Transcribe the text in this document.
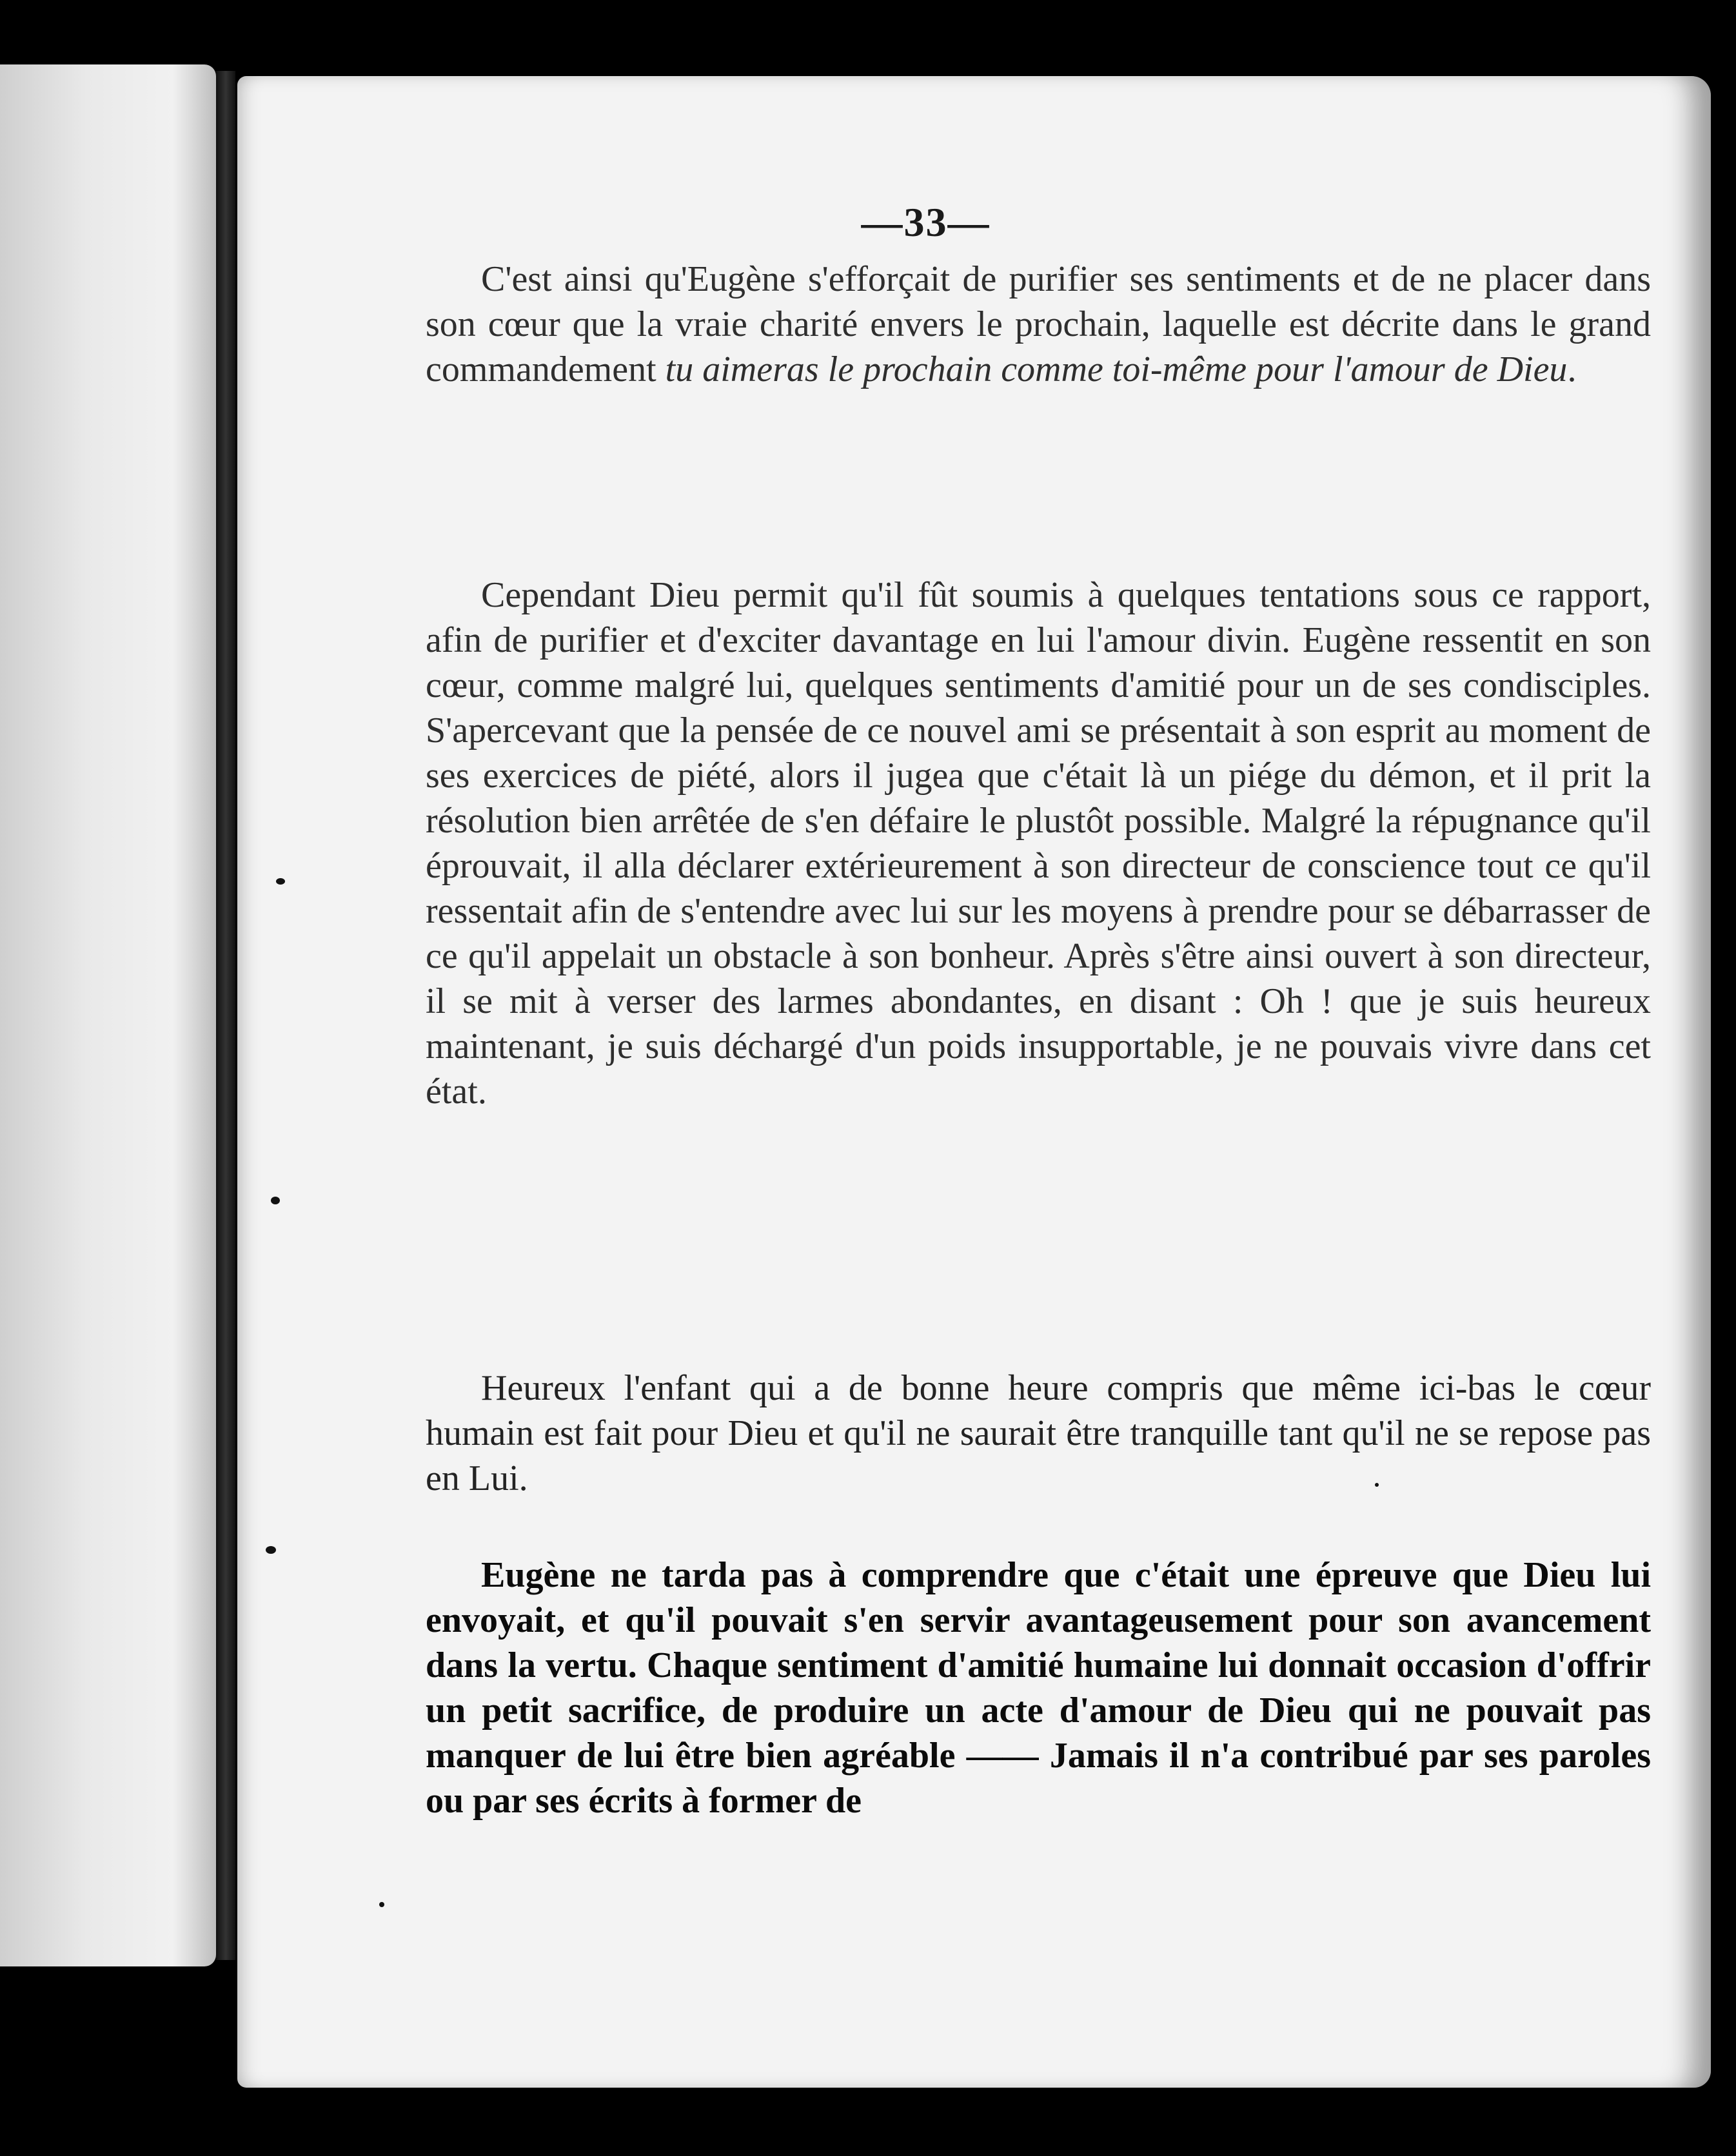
—33—

C'est ainsi qu'Eugène s'efforçait de purifier ses sentiments et de ne placer dans son cœur que la vraie charité envers le prochain, laquelle est décrite dans le grand commandement tu aimeras le prochain comme toi-même pour l'amour de Dieu.

Cependant Dieu permit qu'il fût soumis à quelques tentations sous ce rapport, afin de purifier et d'exciter davantage en lui l'amour divin. Eugène ressentit en son cœur, comme malgré lui, quelques sentiments d'amitié pour un de ses condisciples. S'apercevant que la pensée de ce nouvel ami se présentait à son esprit au moment de ses exercices de piété, alors il jugea que c'était là un piége du démon, et il prit la résolution bien arrêtée de s'en défaire le plustôt possible. Malgré la répugnance qu'il éprouvait, il alla déclarer extérieurement à son directeur de conscience tout ce qu'il ressentait afin de s'entendre avec lui sur les moyens à prendre pour se débarrasser de ce qu'il appelait un obstacle à son bonheur. Après s'être ainsi ouvert à son directeur, il se mit à verser des larmes abondantes, en disant : Oh ! que je suis heureux maintenant, je suis déchargé d'un poids insupportable, je ne pouvais vivre dans cet état.

Heureux l'enfant qui a de bonne heure compris que même ici-bas le cœur humain est fait pour Dieu et qu'il ne saurait être tranquille tant qu'il ne se repose pas en Lui.

Eugène ne tarda pas à comprendre que c'était une épreuve que Dieu lui envoyait, et qu'il pouvait s'en servir avantageusement pour son avancement dans la vertu. Chaque sentiment d'amitié humaine lui donnait occasion d'offrir un petit sacrifice, de produire un acte d'amour de Dieu qui ne pouvait pas manquer de lui être bien agréable —— Jamais il n'a contribué par ses paroles ou par ses écrits à former de
